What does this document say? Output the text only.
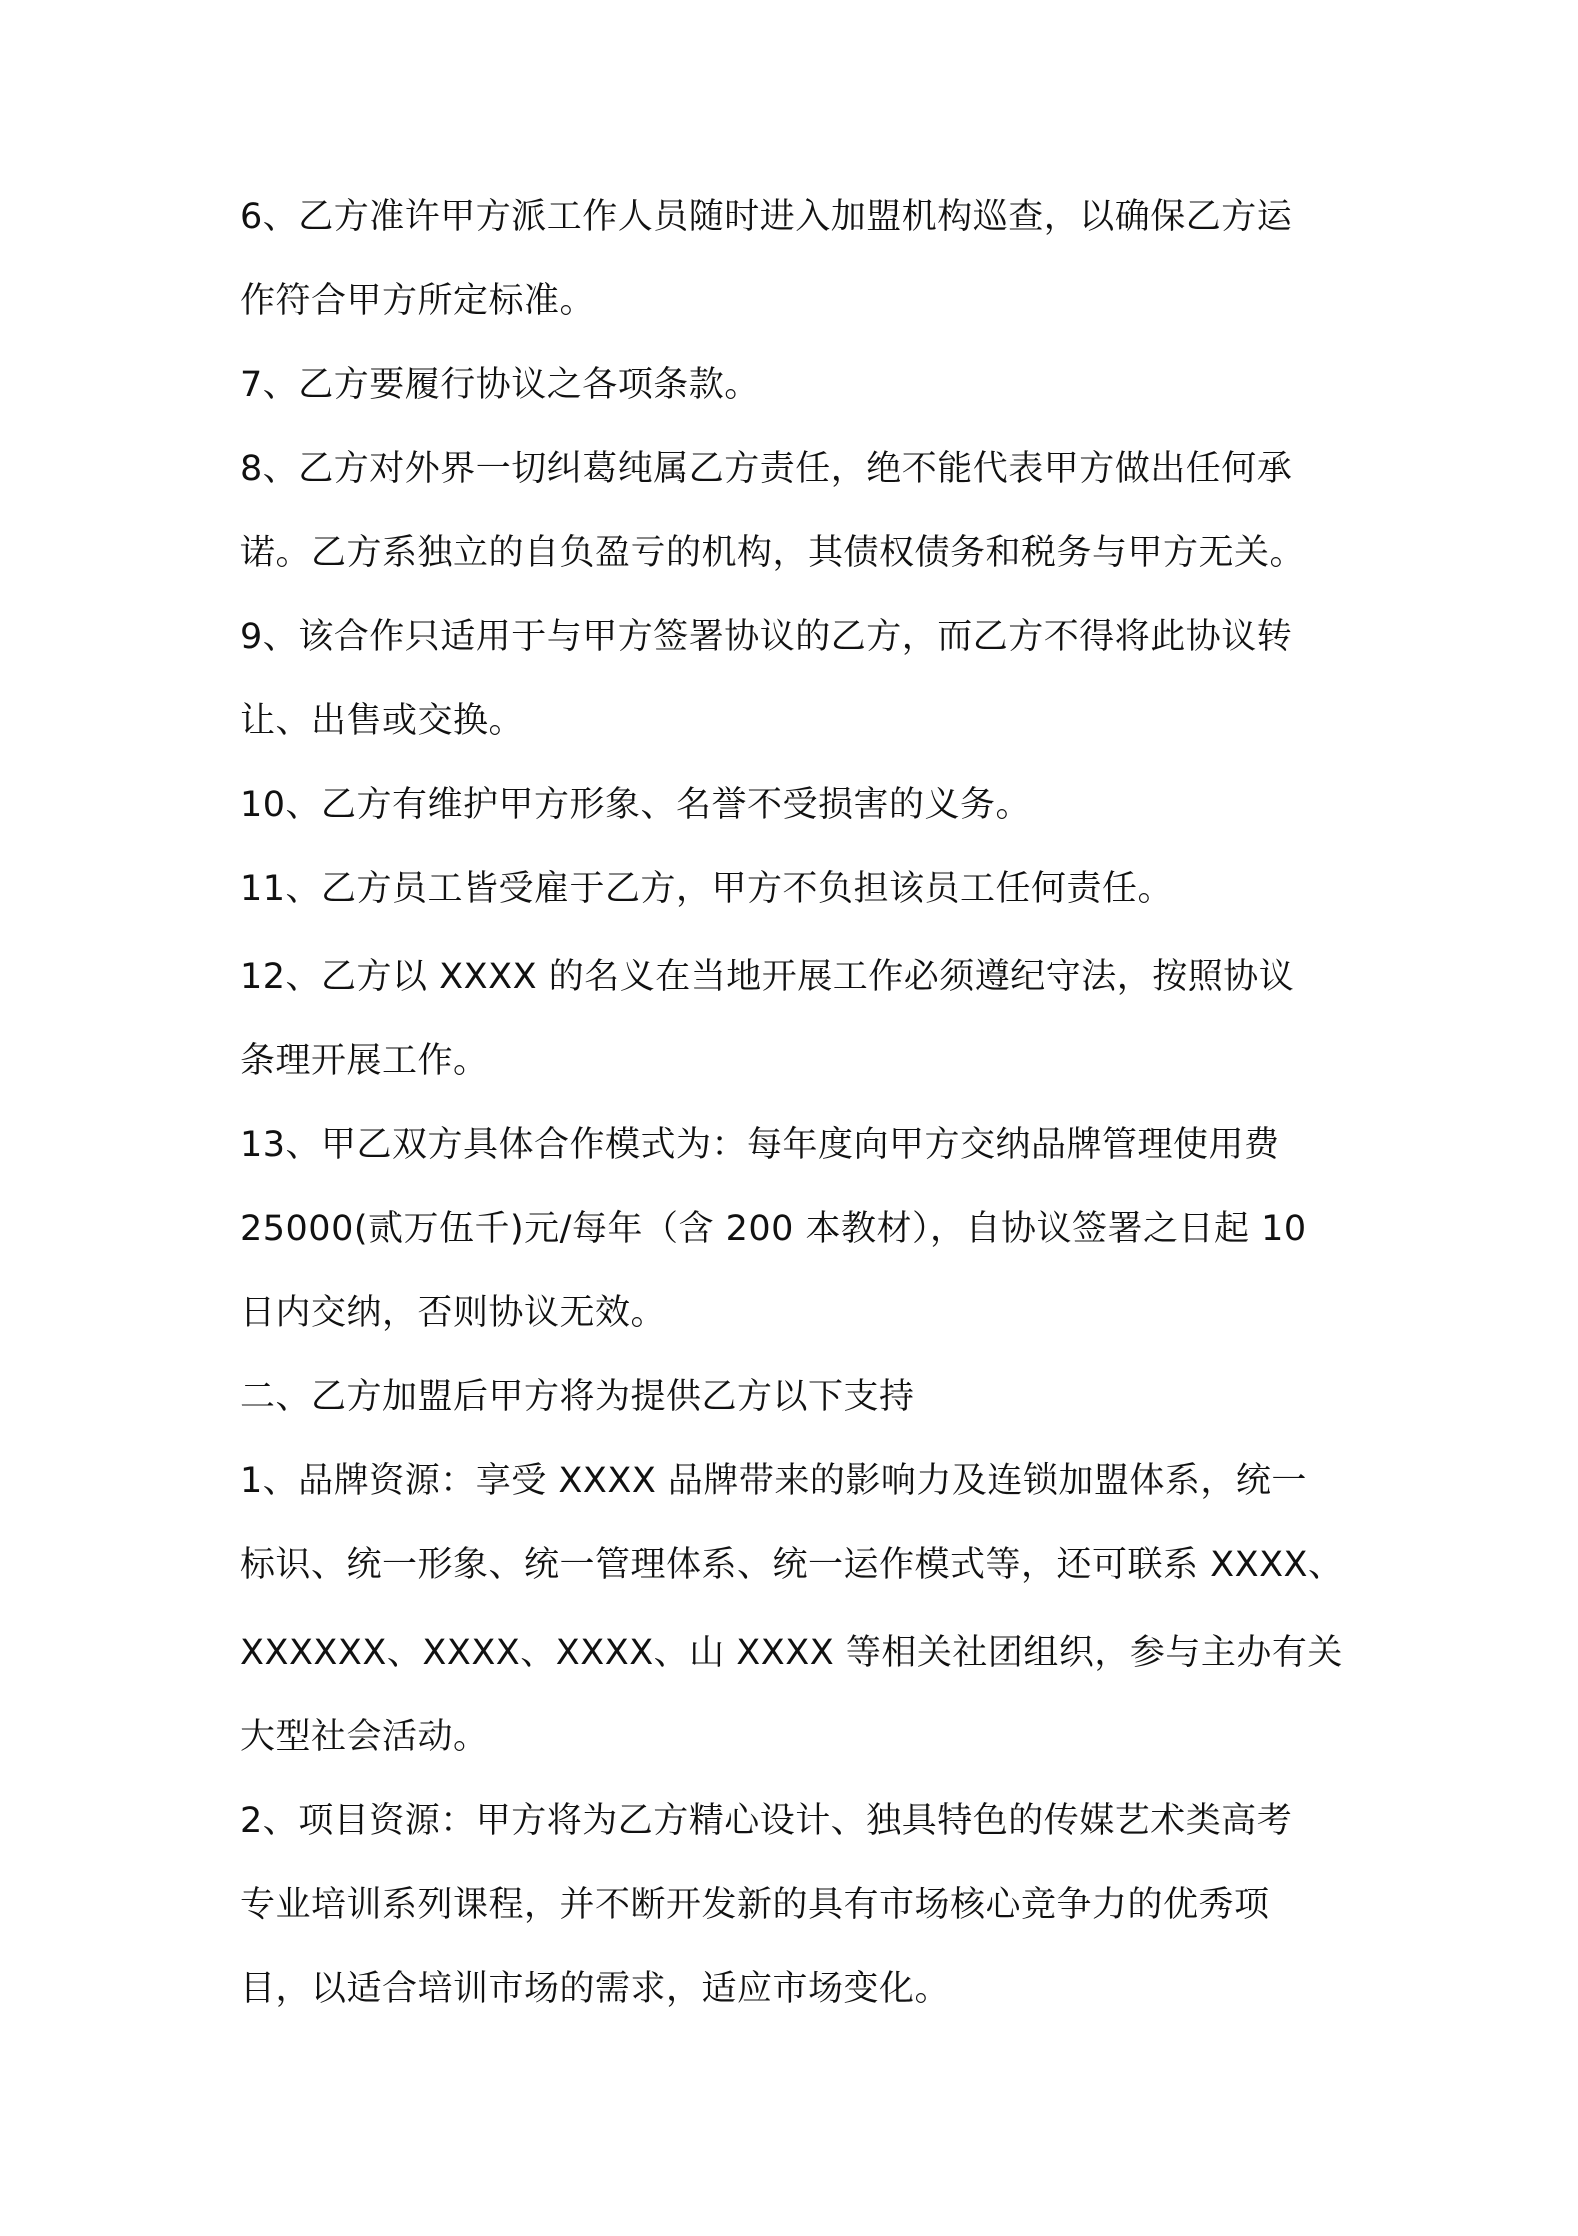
6、乙方准许甲方派工作人员随时进入加盟机构巡查，以确保乙方运
作符合甲方所定标准。
7、乙方要履行协议之各项条款。
8、乙方对外界一切纠葛纯属乙方责任，绝不能代表甲方做出任何承
诺。乙方系独立的自负盈亏的机构，其债权债务和税务与甲方无关。
9、该合作只适用于与甲方签署协议的乙方，而乙方不得将此协议转
让、出售或交换。
10、乙方有维护甲方形象、名誉不受损害的义务。
11、乙方员工皆受雇于乙方，甲方不负担该员工任何责任。
12、乙方以 XXXX 的名义在当地开展工作必须遵纪守法，按照协议
条理开展工作。
13、甲乙双方具体合作模式为：每年度向甲方交纳品牌管理使用费
25000(贰万伍千)元/每年（含 200 本教材），自协议签署之日起 10
日内交纳，否则协议无效。
二、乙方加盟后甲方将为提供乙方以下支持
1、品牌资源：享受 XXXX 品牌带来的影响力及连锁加盟体系，统一
标识、统一形象、统一管理体系、统一运作模式等，还可联系 XXXX、
XXXXXX、XXXX、XXXX、山 XXXX 等相关社团组织，参与主办有关
大型社会活动。
2、项目资源：甲方将为乙方精心设计、独具特色的传媒艺术类高考
专业培训系列课程，并不断开发新的具有市场核心竞争力的优秀项
目，以适合培训市场的需求，适应市场变化。
